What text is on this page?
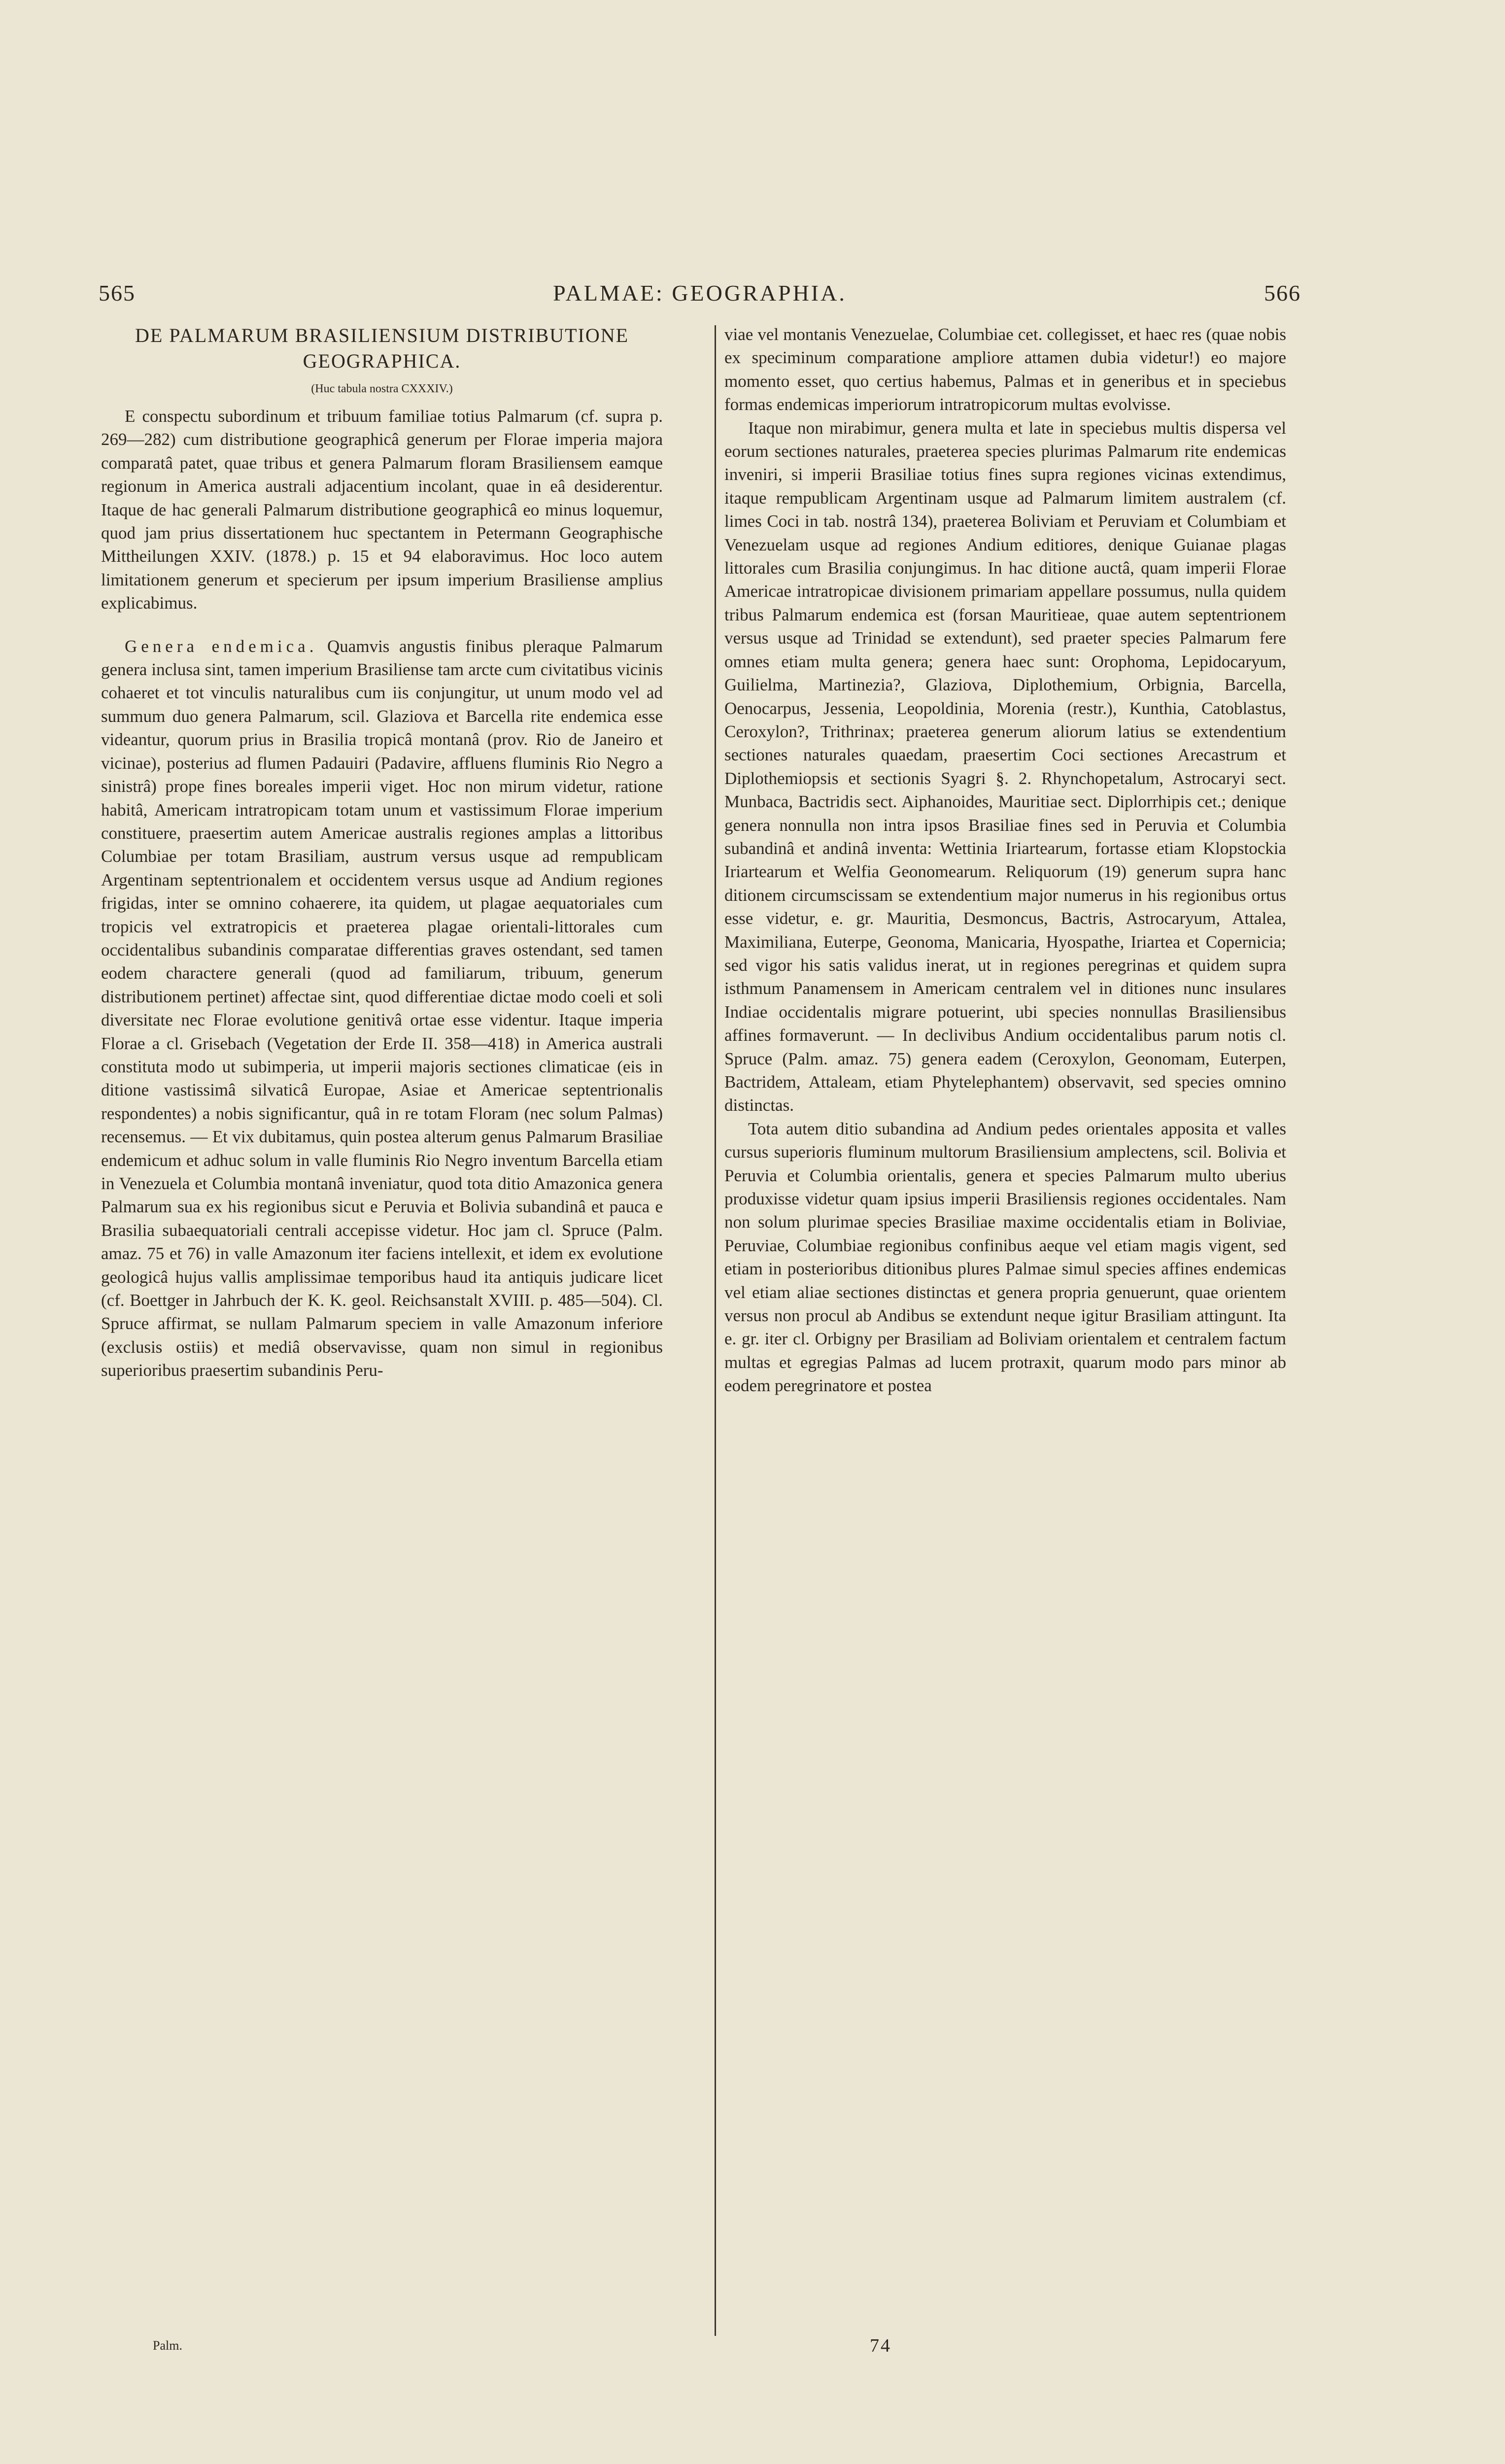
565	PALMAE: GEOGRAPHIA.	566
DE PALMARUM BRASILIENSIUM DISTRIBUTIONE GEOGRAPHICA.
(Huc tabula nostra CXXXIV.)

E conspectu subordinum et tribuum familiae totius Palmarum (cf. supra p. 269—282) cum distributione geographicâ generum per Florae imperia majora comparatâ patet, quae tribus et genera Palmarum floram Brasiliensem eamque regionum in America australi adjacentium incolant, quae in eâ desiderentur. Itaque de hac generali Palmarum distributione geographicâ eo minus loquemur, quod jam prius dissertationem huc spectantem in Petermann Geographische Mittheilungen XXIV. (1878.) p. 15 et 94 elaboravimus. Hoc loco autem limitationem generum et specierum per ipsum imperium Brasiliense amplius explicabimus.

Genera endemica. Quamvis angustis finibus pleraque Palmarum genera inclusa sint, tamen imperium Brasiliense tam arcte cum civitatibus vicinis cohaeret et tot vinculis naturalibus cum iis conjungitur, ut unum modo vel ad summum duo genera Palmarum, scil. Glaziova et Barcella rite endemica esse videantur, quorum prius in Brasilia tropicâ montanâ (prov. Rio de Janeiro et vicinae), posterius ad flumen Padauiri (Padavire, affluens fluminis Rio Negro a sinistrâ) prope fines boreales imperii viget. Hoc non mirum videtur, ratione habitâ, Americam intratropicam totam unum et vastissimum Florae imperium constituere, praesertim autem Americae australis regiones amplas a littoribus Columbiae per totam Brasiliam, austrum versus usque ad rempublicam Argentinam septentrionalem et occidentem versus usque ad Andium regiones frigidas, inter se omnino cohaerere, ita quidem, ut plagae aequatoriales cum tropicis vel extratropicis et praeterea plagae orientali-littorales cum occidentalibus subandinis comparatae differentias graves ostendant, sed tamen eodem charactere generali (quod ad familiarum, tribuum, generum distributionem pertinet) affectae sint, quod differentiae dictae modo coeli et soli diversitate nec Florae evolutione genitivâ ortae esse videntur. Itaque imperia Florae a cl. Grisebach (Vegetation der Erde II. 358—418) in America australi constituta modo ut subimperia, ut imperii majoris sectiones climaticae (eis in ditione vastissimâ silvaticâ Europae, Asiae et Americae septentrionalis respondentes) a nobis significantur, quâ in re totam Floram (nec solum Palmas) recensemus. — Et vix dubitamus, quin postea alterum genus Palmarum Brasiliae endemicum et adhuc solum in valle fluminis Rio Negro inventum Barcella etiam in Venezuela et Columbia montanâ inveniatur, quod tota ditio Amazonica genera Palmarum sua ex his regionibus sicut e Peruvia et Bolivia subandinâ et pauca e Brasilia subaequatoriali centrali accepisse videtur. Hoc jam cl. Spruce (Palm. amaz. 75 et 76) in valle Amazonum iter faciens intellexit, et idem ex evolutione geologicâ hujus vallis amplissimae temporibus haud ita antiquis judicare licet (cf. Boettger in Jahrbuch der K. K. geol. Reichsanstalt XVIII. p. 485—504). Cl. Spruce affirmat, se nullam Palmarum speciem in valle Amazonum inferiore (exclusis ostiis) et mediâ observavisse, quam non simul in regionibus superioribus praesertim subandinis Peru-

viae vel montanis Venezuelae, Columbiae cet. collegisset, et haec res (quae nobis ex speciminum comparatione ampliore attamen dubia videtur!) eo majore momento esset, quo certius habemus, Palmas et in generibus et in speciebus formas endemicas imperiorum intratropicorum multas evolvisse.

Itaque non mirabimur, genera multa et late in speciebus multis dispersa vel eorum sectiones naturales, praeterea species plurimas Palmarum rite endemicas inveniri, si imperii Brasiliae totius fines supra regiones vicinas extendimus, itaque rempublicam Argentinam usque ad Palmarum limitem australem (cf. limes Coci in tab. nostrâ 134), praeterea Boliviam et Peruviam et Columbiam et Venezuelam usque ad regiones Andium editiores, denique Guianae plagas littorales cum Brasilia conjungimus. In hac ditione auctâ, quam imperii Florae Americae intratropicae divisionem primariam appellare possumus, nulla quidem tribus Palmarum endemica est (forsan Mauritieae, quae autem septentrionem versus usque ad Trinidad se extendunt), sed praeter species Palmarum fere omnes etiam multa genera; genera haec sunt: Orophoma, Lepidocaryum, Guilielma, Martinezia?, Glaziova, Diplothemium, Orbignia, Barcella, Oenocarpus, Jessenia, Leopoldinia, Morenia (restr.), Kunthia, Catoblastus, Ceroxylon?, Trithrinax; praeterea generum aliorum latius se extendentium sectiones naturales quaedam, praesertim Coci sectiones Arecastrum et Diplothemiopsis et sectionis Syagri §. 2. Rhynchopetalum, Astrocaryi sect. Munbaca, Bactridis sect. Aiphanoides, Mauritiae sect. Diplorrhipis cet.; denique genera nonnulla non intra ipsos Brasiliae fines sed in Peruvia et Columbia subandinâ et andinâ inventa: Wettinia Iriartearum, fortasse etiam Klopstockia Iriartearum et Welfia Geonomearum. Reliquorum (19) generum supra hanc ditionem circumscissam se extendentium major numerus in his regionibus ortus esse videtur, e. gr. Mauritia, Desmoncus, Bactris, Astrocaryum, Attalea, Maximiliana, Euterpe, Geonoma, Manicaria, Hyospathe, Iriartea et Copernicia; sed vigor his satis validus inerat, ut in regiones peregrinas et quidem supra isthmum Panamensem in Americam centralem vel in ditiones nunc insulares Indiae occidentalis migrare potuerint, ubi species nonnullas Brasiliensibus affines formaverunt. — In declivibus Andium occidentalibus parum notis cl. Spruce (Palm. amaz. 75) genera eadem (Ceroxylon, Geonomam, Euterpen, Bactridem, Attaleam, etiam Phytelephantem) observavit, sed species omnino distinctas.

Tota autem ditio subandina ad Andium pedes orientales apposita et valles cursus superioris fluminum multorum Brasiliensium amplectens, scil. Bolivia et Peruvia et Columbia orientalis, genera et species Palmarum multo uberius produxisse videtur quam ipsius imperii Brasiliensis regiones occidentales. Nam non solum plurimae species Brasiliae maxime occidentalis etiam in Boliviae, Peruviae, Columbiae regionibus confinibus aeque vel etiam magis vigent, sed etiam in posterioribus ditionibus plures Palmae simul species affines endemicas vel etiam aliae sectiones distinctas et genera propria genuerunt, quae orientem versus non procul ab Andibus se extendunt neque igitur Brasiliam attingunt. Ita e. gr. iter cl. Orbigny per Brasiliam ad Boliviam orientalem et centralem factum multas et egregias Palmas ad lucem protraxit, quarum modo pars minor ab eodem peregrinatore et postea

Palm.	74
